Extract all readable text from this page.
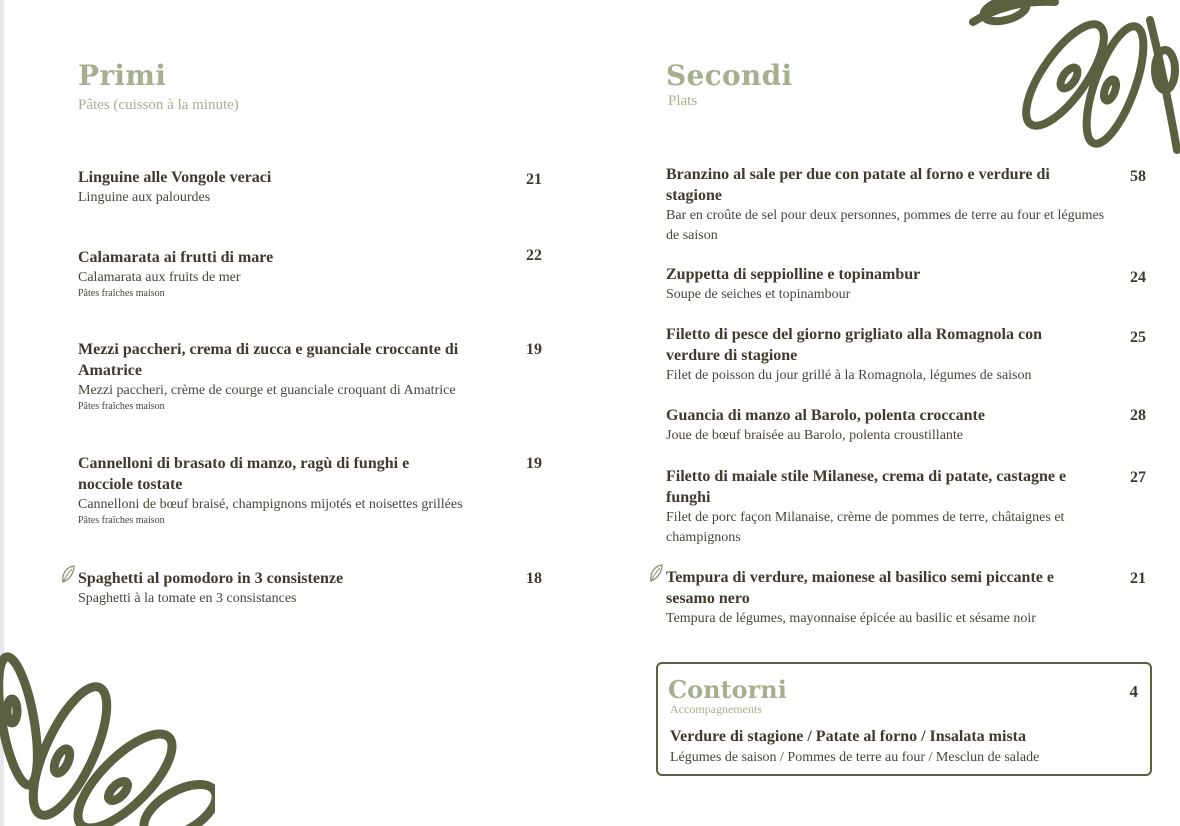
Primi
Pâtes (cuisson à la minute)
Linguine alle Vongole veraci
Linguine aux palourdes
21
Calamarata ai frutti di mare
Calamarata aux fruits de mer
Pâtes fraîches maison
22
Mezzi paccheri, crema di zucca e guanciale croccante di Amatrice
Mezzi paccheri, crème de courge et guanciale croquant di Amatrice
Pâtes fraîches maison
19
Cannelloni di brasato di manzo, ragù di funghi e nocciole tostate
Cannelloni de bœuf braisé, champignons mijotés et noisettes grillées
Pâtes fraîches maison
19
Spaghetti al pomodoro in 3 consistenze
Spaghetti à la tomate en 3 consistances
18
Secondi
Plats
Branzino al sale per due con patate al forno e verdure di stagione
Bar en croûte de sel pour deux personnes, pommes de terre au four et légumes de saison
58
Zuppetta di seppiolline e topinambur
Soupe de seiches et topinambour
24
Filetto di pesce del giorno grigliato alla Romagnola con verdure di stagione
Filet de poisson du jour grillé à la Romagnola, légumes de saison
25
Guancia di manzo al Barolo, polenta croccante
Joue de bœuf braisée au Barolo, polenta croustillante
28
Filetto di maiale stile Milanese, crema di patate, castagne e funghi
Filet de porc façon Milanaise, crème de pommes de terre, châtaignes et champignons
27
Tempura di verdure, maionese al basilico semi piccante e sesamo nero
Tempura de légumes, mayonnaise épicée au basilic et sésame noir
21
Contorni
Accompagnements
4
Verdure di stagione / Patate al forno / Insalata mista
Légumes de saison / Pommes de terre au four / Mesclun de salade
